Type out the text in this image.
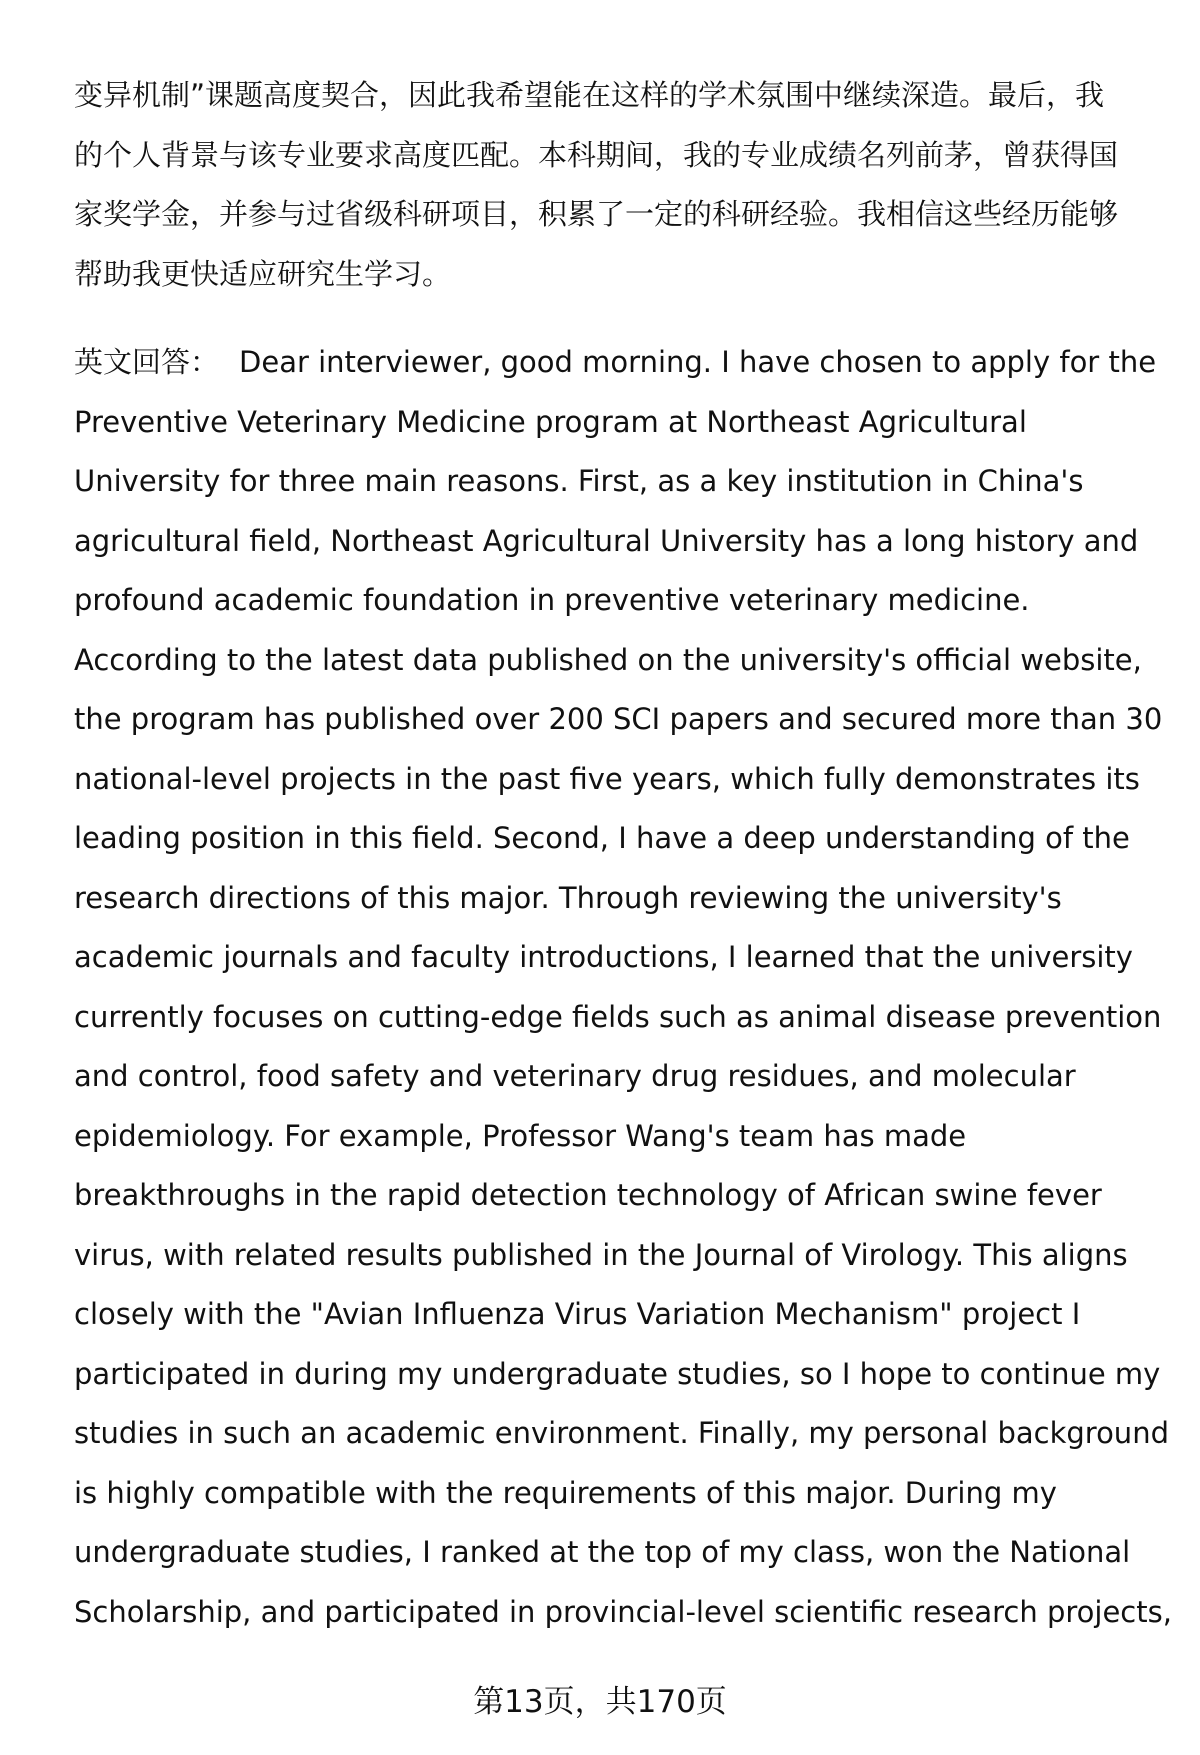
变异机制”课题高度契合，因此我希望能在这样的学术氛围中继续深造。最后，我
的个人背景与该专业要求高度匹配。本科期间，我的专业成绩名列前茅，曾获得国
家奖学金，并参与过省级科研项目，积累了一定的科研经验。我相信这些经历能够
帮助我更快适应研究生学习。
英文回答： Dear interviewer, good morning. I have chosen to apply for the
Preventive Veterinary Medicine program at Northeast Agricultural
University for three main reasons. First, as a key institution in China's
agricultural field, Northeast Agricultural University has a long history and
profound academic foundation in preventive veterinary medicine.
According to the latest data published on the university's official website,
the program has published over 200 SCI papers and secured more than 30
national-level projects in the past five years, which fully demonstrates its
leading position in this field. Second, I have a deep understanding of the
research directions of this major. Through reviewing the university's
academic journals and faculty introductions, I learned that the university
currently focuses on cutting-edge fields such as animal disease prevention
and control, food safety and veterinary drug residues, and molecular
epidemiology. For example, Professor Wang's team has made
breakthroughs in the rapid detection technology of African swine fever
virus, with related results published in the Journal of Virology. This aligns
closely with the "Avian Influenza Virus Variation Mechanism" project I
participated in during my undergraduate studies, so I hope to continue my
studies in such an academic environment. Finally, my personal background
is highly compatible with the requirements of this major. During my
undergraduate studies, I ranked at the top of my class, won the National
Scholarship, and participated in provincial-level scientific research projects,
第13页，共170页
